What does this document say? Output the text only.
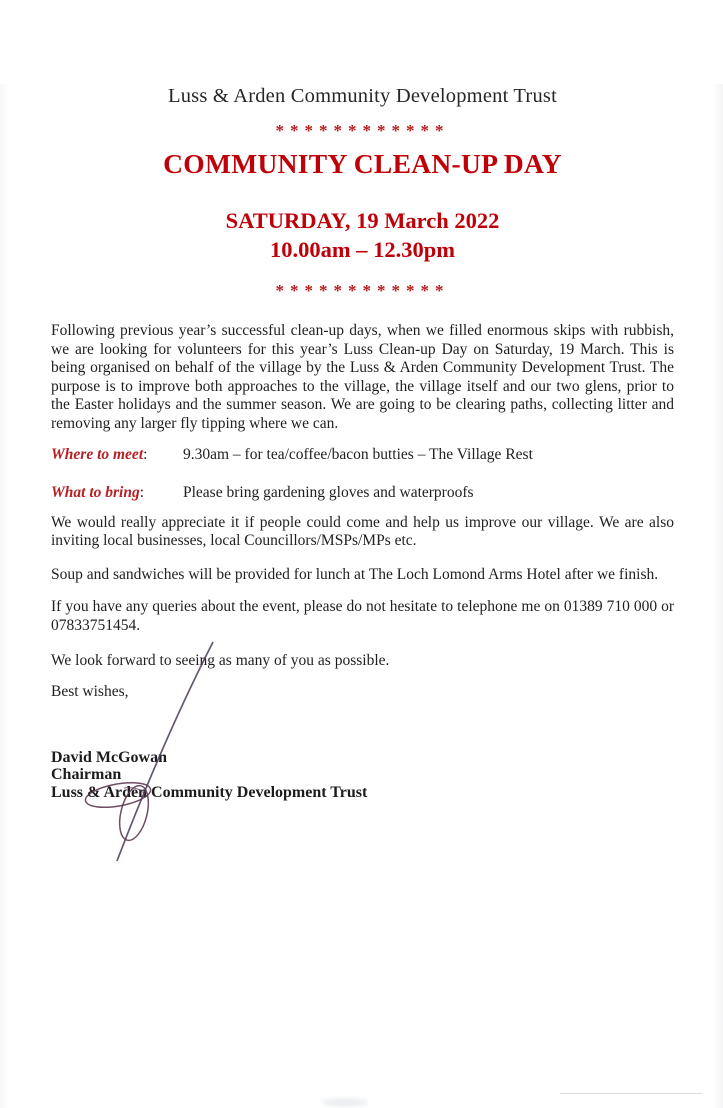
Luss & Arden Community Development Trust
************
COMMUNITY CLEAN-UP DAY
SATURDAY, 19 March 2022
10.00am – 12.30pm
************

Following previous year’s successful clean-up days, when we filled enormous skips with rubbish, we are looking for volunteers for this year’s Luss Clean-up Day on Saturday, 19 March. This is being organised on behalf of the village by the Luss & Arden Community Development Trust. The purpose is to improve both approaches to the village, the village itself and our two glens, prior to the Easter holidays and the summer season. We are going to be clearing paths, collecting litter and removing any larger fly tipping where we can.

Where to meet:	9.30am – for tea/coffee/bacon butties – The Village Rest
What to bring:	Please bring gardening gloves and waterproofs

We would really appreciate it if people could come and help us improve our village. We are also inviting local businesses, local Councillors/MSPs/MPs etc.

Soup and sandwiches will be provided for lunch at The Loch Lomond Arms Hotel after we finish.

If you have any queries about the event, please do not hesitate to telephone me on 01389 710 000 or 07833751454.

We look forward to seeing as many of you as possible.

Best wishes,

David McGowan
Chairman
Luss & Arden Community Development Trust
